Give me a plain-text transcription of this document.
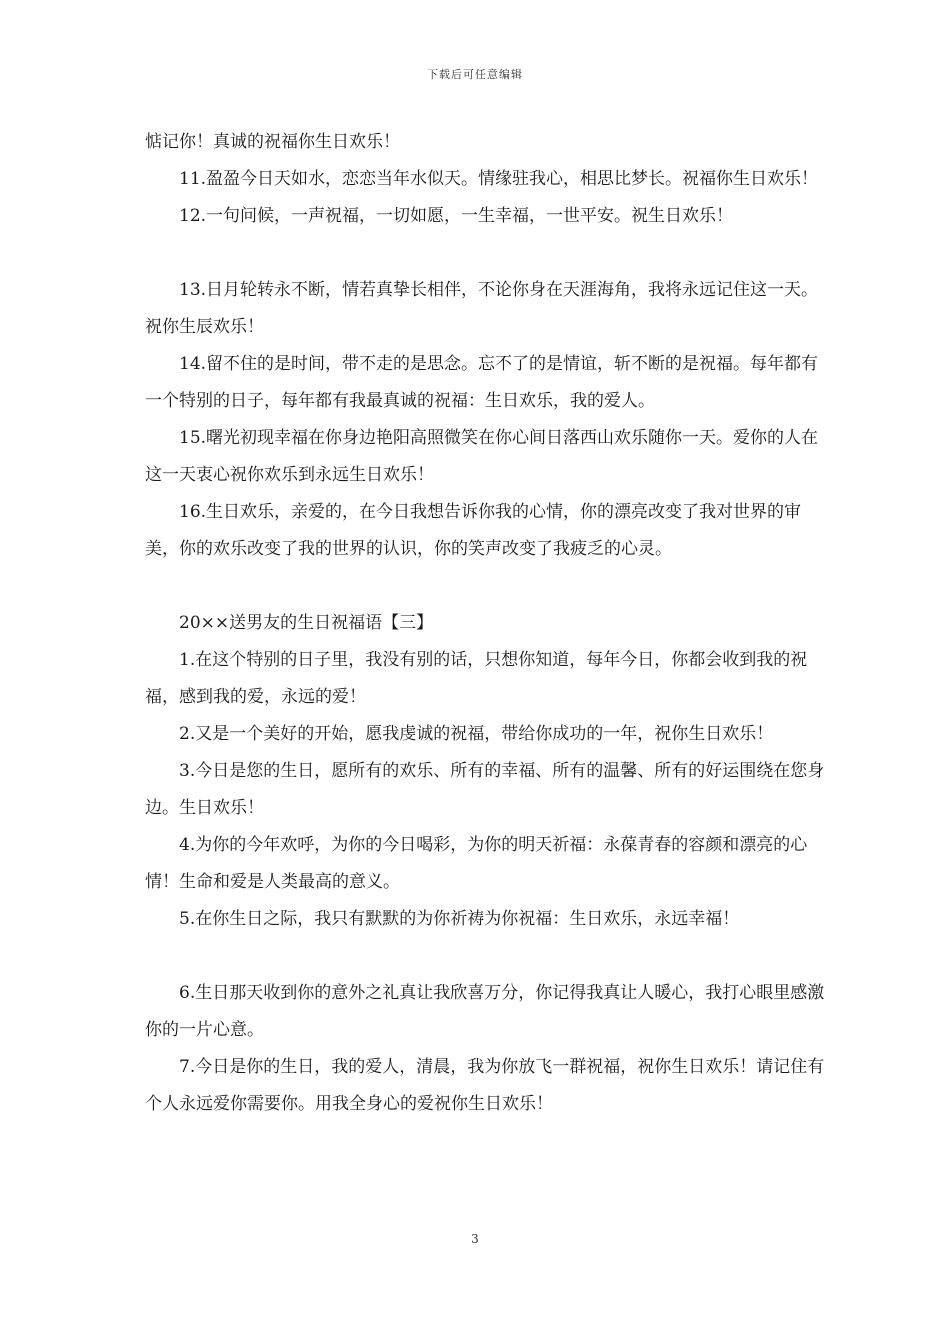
下载后可任意编辑

惦记你！真诚的祝福你生日欢乐！

11.盈盈今日天如水，恋恋当年水似天。情缘驻我心，相思比梦长。祝福你生日欢乐！

12.一句问候，一声祝福，一切如愿，一生幸福，一世平安。祝生日欢乐！

13.日月轮转永不断，情若真挚长相伴，不论你身在天涯海角，我将永远记住这一天。祝你生辰欢乐！

14.留不住的是时间，带不走的是思念。忘不了的是情谊，斩不断的是祝福。每年都有一个特别的日子，每年都有我最真诚的祝福：生日欢乐，我的爱人。

15.曙光初现幸福在你身边艳阳高照微笑在你心间日落西山欢乐随你一天。爱你的人在这一天衷心祝你欢乐到永远生日欢乐！

16.生日欢乐，亲爱的，在今日我想告诉你我的心情，你的漂亮改变了我对世界的审美，你的欢乐改变了我的世界的认识，你的笑声改变了我疲乏的心灵。

20××送男友的生日祝福语【三】

1.在这个特别的日子里，我没有别的话，只想你知道，每年今日，你都会收到我的祝福，感到我的爱，永远的爱！

2.又是一个美好的开始，愿我虔诚的祝福，带给你成功的一年，祝你生日欢乐！

3.今日是您的生日，愿所有的欢乐、所有的幸福、所有的温馨、所有的好运围绕在您身边。生日欢乐！

4.为你的今年欢呼，为你的今日喝彩，为你的明天祈福：永葆青春的容颜和漂亮的心情！生命和爱是人类最高的意义。

5.在你生日之际，我只有默默的为你祈祷为你祝福：生日欢乐，永远幸福！

6.生日那天收到你的意外之礼真让我欣喜万分，你记得我真让人暖心，我打心眼里感激你的一片心意。

7.今日是你的生日，我的爱人，清晨，我为你放飞一群祝福，祝你生日欢乐！请记住有个人永远爱你需要你。用我全身心的爱祝你生日欢乐！

3
